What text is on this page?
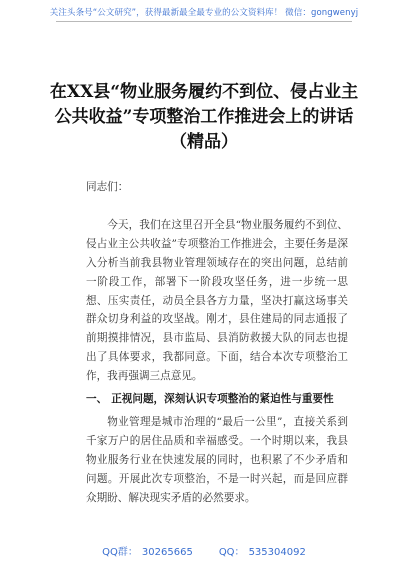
关注头条号“公文研究”，获得最新最全最专业的公文资料库！ 微信：gongwenyj
在XX县“物业服务履约不到位、侵占业主
公共收益”专项整治工作推进会上的讲话
（精品）

同志们：

今天，我们在这里召开全县“物业服务履约不到位、侵占业主公共收益”专项整治工作推进会，主要任务是深入分析当前我县物业管理领域存在的突出问题，总结前一阶段工作，部署下一阶段攻坚任务，进一步统一思想、压实责任，动员全县各方力量，坚决打赢这场事关群众切身利益的攻坚战。刚才，县住建局的同志通报了前期摸排情况，县市监局、县消防救援大队的同志也提出了具体要求，我都同意。下面，结合本次专项整治工作，我再强调三点意见。

一、 正视问题，深刻认识专项整治的紧迫性与重要性

物业管理是城市治理的“最后一公里”，直接关系到千家万户的居住品质和幸福感受。一个时期以来，我县物业服务行业在快速发展的同时，也积累了不少矛盾和问题。开展此次专项整治，不是一时兴起，而是回应群众期盼、解决现实矛盾的必然要求。

QQ群： 30265665	QQ： 535304092
